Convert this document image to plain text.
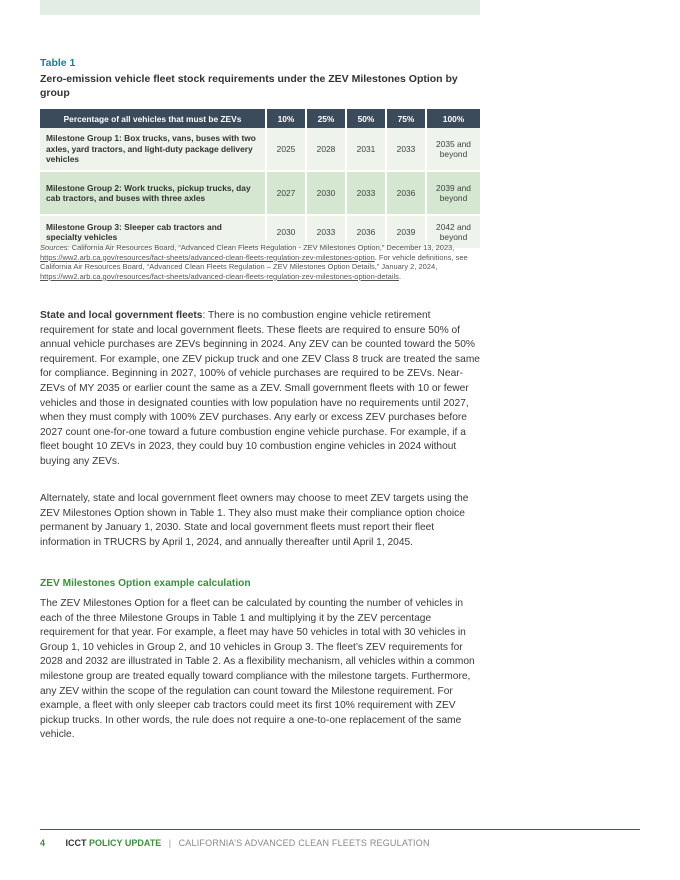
Table 1
Zero-emission vehicle fleet stock requirements under the ZEV Milestones Option by group
Percentage of all vehicles that must be ZEVs	10%	25%	50%	75%	100%
Milestone Group 1: Box trucks, vans, buses with two axles, yard tractors, and light-duty package delivery vehicles	2025	2028	2031	2033	2035 and beyond
Milestone Group 2: Work trucks, pickup trucks, day cab tractors, and buses with three axles	2027	2030	2033	2036	2039 and beyond
Milestone Group 3: Sleeper cab tractors and specialty vehicles	2030	2033	2036	2039	2042 and beyond
Sources: California Air Resources Board, “Advanced Clean Fleets Regulation - ZEV Milestones Option,” December 13, 2023, https://ww2.arb.ca.gov/resources/fact-sheets/advanced-clean-fleets-regulation-zev-milestones-option. For vehicle definitions, see California Air Resources Board, “Advanced Clean Fleets Regulation – ZEV Milestones Option Details,” January 2, 2024, https://ww2.arb.ca.gov/resources/fact-sheets/advanced-clean-fleets-regulation-zev-milestones-option-details.

State and local government fleets: There is no combustion engine vehicle retirement requirement for state and local government fleets. These fleets are required to ensure 50% of annual vehicle purchases are ZEVs beginning in 2024. Any ZEV can be counted toward the 50% requirement. For example, one ZEV pickup truck and one ZEV Class 8 truck are treated the same for compliance. Beginning in 2027, 100% of vehicle purchases are required to be ZEVs. Near-ZEVs of MY 2035 or earlier count the same as a ZEV. Small government fleets with 10 or fewer vehicles and those in designated counties with low population have no requirements until 2027, when they must comply with 100% ZEV purchases. Any early or excess ZEV purchases before 2027 count one-for-one toward a future combustion engine vehicle purchase. For example, if a fleet bought 10 ZEVs in 2023, they could buy 10 combustion engine vehicles in 2024 without buying any ZEVs.

Alternately, state and local government fleet owners may choose to meet ZEV targets using the ZEV Milestones Option shown in Table 1. They also must make their compliance option choice permanent by January 1, 2030. State and local government fleets must report their fleet information in TRUCRS by April 1, 2024, and annually thereafter until April 1, 2045.

ZEV Milestones Option example calculation

The ZEV Milestones Option for a fleet can be calculated by counting the number of vehicles in each of the three Milestone Groups in Table 1 and multiplying it by the ZEV percentage requirement for that year. For example, a fleet may have 50 vehicles in total with 30 vehicles in Group 1, 10 vehicles in Group 2, and 10 vehicles in Group 3. The fleet’s ZEV requirements for 2028 and 2032 are illustrated in Table 2. As a flexibility mechanism, all vehicles within a common milestone group are treated equally toward compliance with the milestone targets. Furthermore, any ZEV within the scope of the regulation can count toward the Milestone requirement. For example, a fleet with only sleeper cab tractors could meet its first 10% requirement with ZEV pickup trucks. In other words, the rule does not require a one-to-one replacement of the same vehicle.

4 ICCT POLICY UPDATE | CALIFORNIA’S ADVANCED CLEAN FLEETS REGULATION
